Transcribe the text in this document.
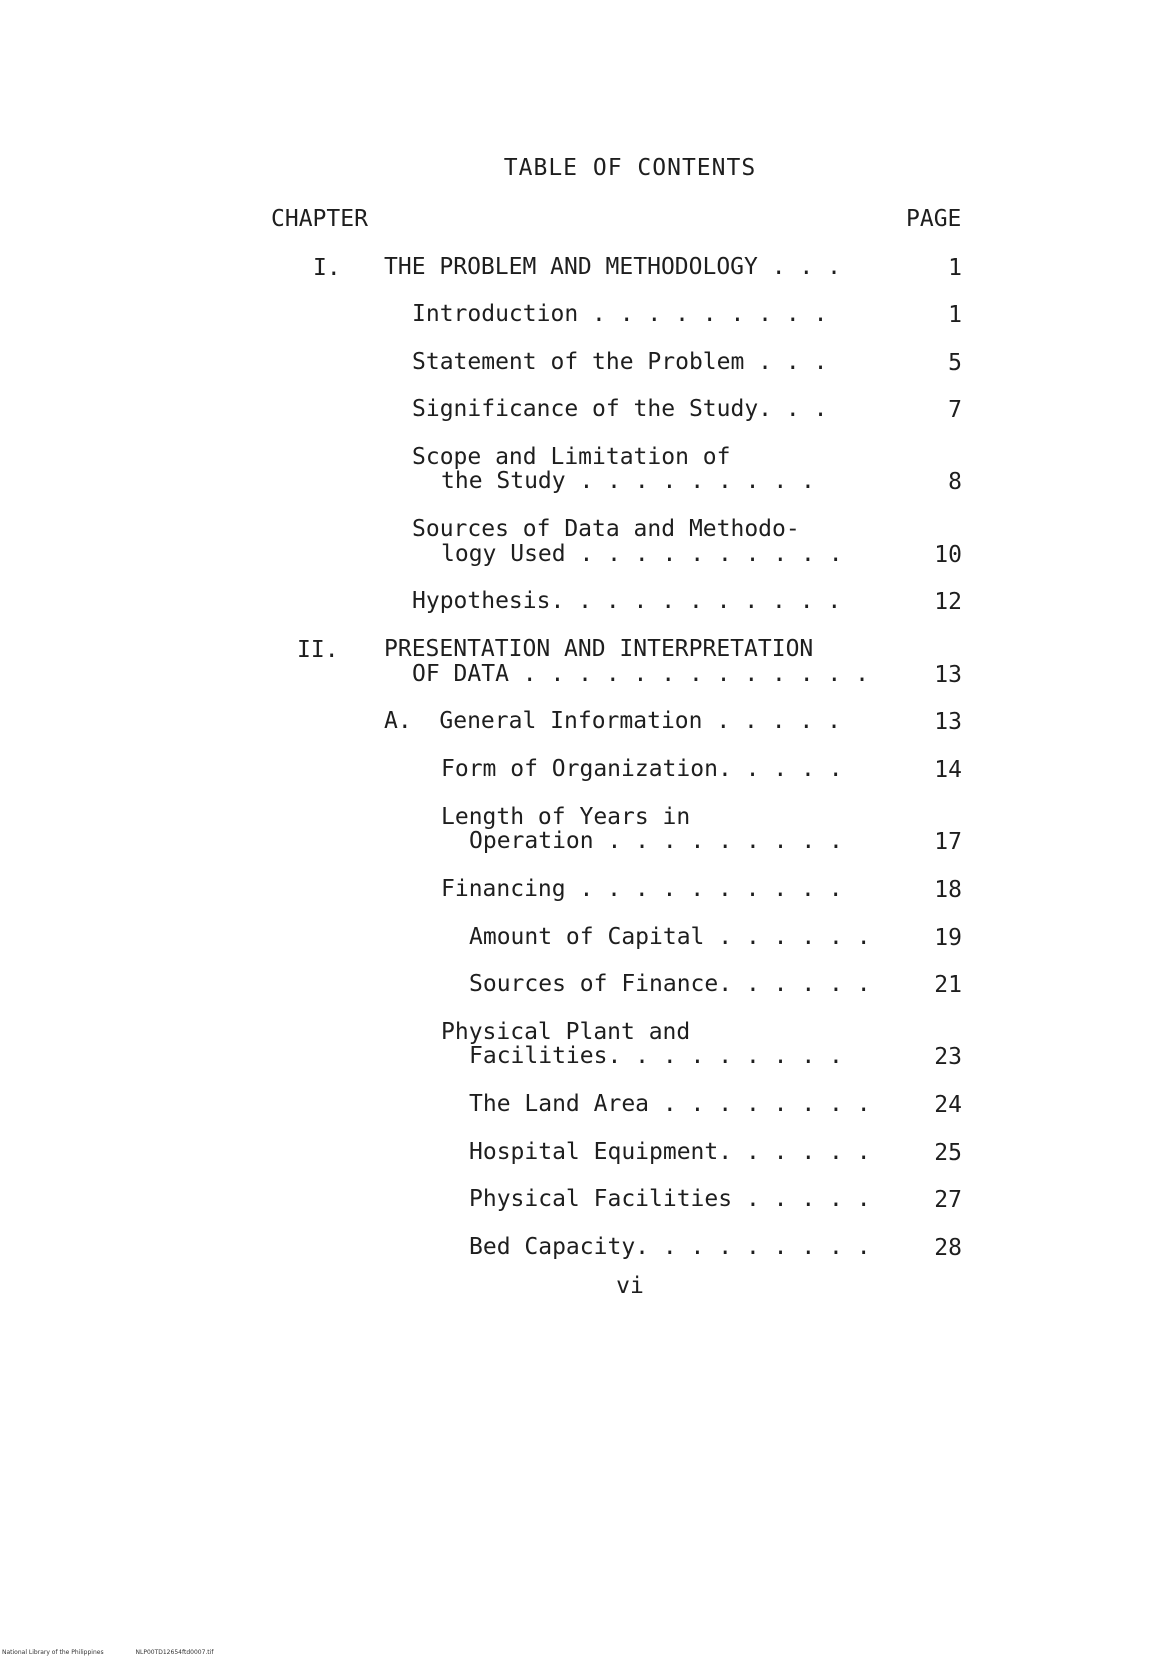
TABLE OF CONTENTS
CHAPTER	PAGE
I. THE PROBLEM AND METHODOLOGY . . .	1
Introduction . . . . . . . . .	1
Statement of the Problem . . .	5
Significance of the Study. . .	7
Scope and Limitation of
the Study . . . . . . . . .	8
Sources of Data and Methodo-
logy Used . . . . . . . . . .	10
Hypothesis. . . . . . . . . . .	12
II. PRESENTATION AND INTERPRETATION
OF DATA . . . . . . . . . . . . .	13
A.  General Information . . . . .	13
Form of Organization. . . . .	14
Length of Years in
Operation . . . . . . . . .	17
Financing . . . . . . . . . .	18
Amount of Capital . . . . . .	19
Sources of Finance. . . . . .	21
Physical Plant and
Facilities. . . . . . . . .	23
The Land Area . . . . . . . .	24
Hospital Equipment. . . . . .	25
Physical Facilities . . . . .	27
Bed Capacity. . . . . . . . .	28
vi
National Library of the Philippines	NLP00TD12654ftd0007.tif
